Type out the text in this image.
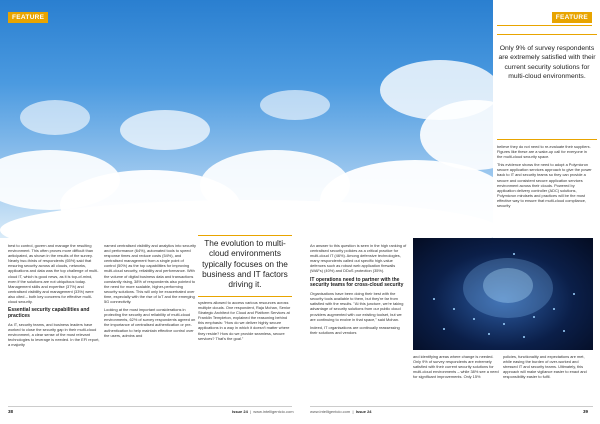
FEATURE	FEATURE
Only 9% of survey respondents are extremely satisfied with their current security solutions for multi-cloud environments.

believe they do not need to re-evaluate their suppliers. Figures like these are a wake-up call for everyone in the multi-cloud security space.

This evidence shows the need to adopt a Polymicron secure application services approach to give the power back to IT and security teams so they can provide a secure and consistent secure application services environment across their clouds. Powered by application delivery controller (ADC) solutions, Polymicron mindsets and practices will be the most effective way to ensure that multi-cloud compliance, security

best to control, govern and manage the resulting environment. This often proves more difficult than anticipated, as shown in the results of the survey. Nearly two-thirds of respondents (65%) said that ensuring security across all clouds, networks, applications and data was the top challenge of multi-cloud IT, which is good news, as it is top-of-mind, even if the solutions are not ubiquitous today. Management skills and expertise (37%) and centralised visibility and management (33%) were also cited – both key concerns for effective multi-cloud security.

Essential security capabilities and practices

As IT, security teams, and business leaders have worked to close the security gap in their multi-cloud environment, a clear sense of the most relevant technologies to leverage is needed. In the EFI report, a majority

named centralised visibility and analytics into security and performance (64%), automated tools to speed response times and reduce costs (54%), and centralised management from a single point of control (50%) as the top capabilities for improving multi-cloud security, reliability and performance. With the volume of digital business data and transactions constantly rising, 38% of respondents also pointed to the need for more scalable, higher-performing security solutions. This will only be exacerbated over time, especially with the rise of IoT and the emerging 5G connectivity.

Looking at the most important considerations in protecting the security and reliability of multi-cloud environments, 62% of survey respondents agreed on the importance of centralised authentication or pre-authentication to help maintain effective control over the users, admins and

The evolution to multi-cloud environments typically focuses on the business and IT factors driving it.

systems allowed to access various resources across multiple clouds. One respondent, Raja Mohan, Senior Strategic Architect for Cloud and Platform Services at Franklin Templeton, explained the reasoning behind this emphasis: "How do we deliver highly secure applications in a way in which it doesn't matter where they reside? How do we provide seamless, secure services? That's the goal."

An answer to this question is seen in the high ranking of centralised security policies as a critical practice for multi-cloud IT (46%). Among defensive technologies, many respondents called out specific high-value defences such as robust web application firewalls (WAFs) (40%) and DDoS protection (35%).

IT operations need to partner with the security teams for cross-cloud security

Organisations have been doing their best with the security tools available to them, but they're far from satisfied with the results. "At this juncture, we're taking advantage of security solutions from our public cloud providers augmented with our existing toolset, but we are continuing to evolve in that space," said Mohan.

Indeed, IT organisations are continually reassessing their solutions and vendors

and identifying areas where change is needed. Only 9% of survey respondents are extremely satisfied with their current security solutions for multi-cloud environments – while 38% see a need for significant improvements. Only 15%

policies, functionality and expectations are met, while easing the burden of over-worked and stressed IT and security teams. Ultimately, this approach will make vigilance easier to enact and responsibility easier to fulfil.

38	Issue 24  |  www.intelligentcio.com	www.intelligentcio.com  |  Issue 24	39
